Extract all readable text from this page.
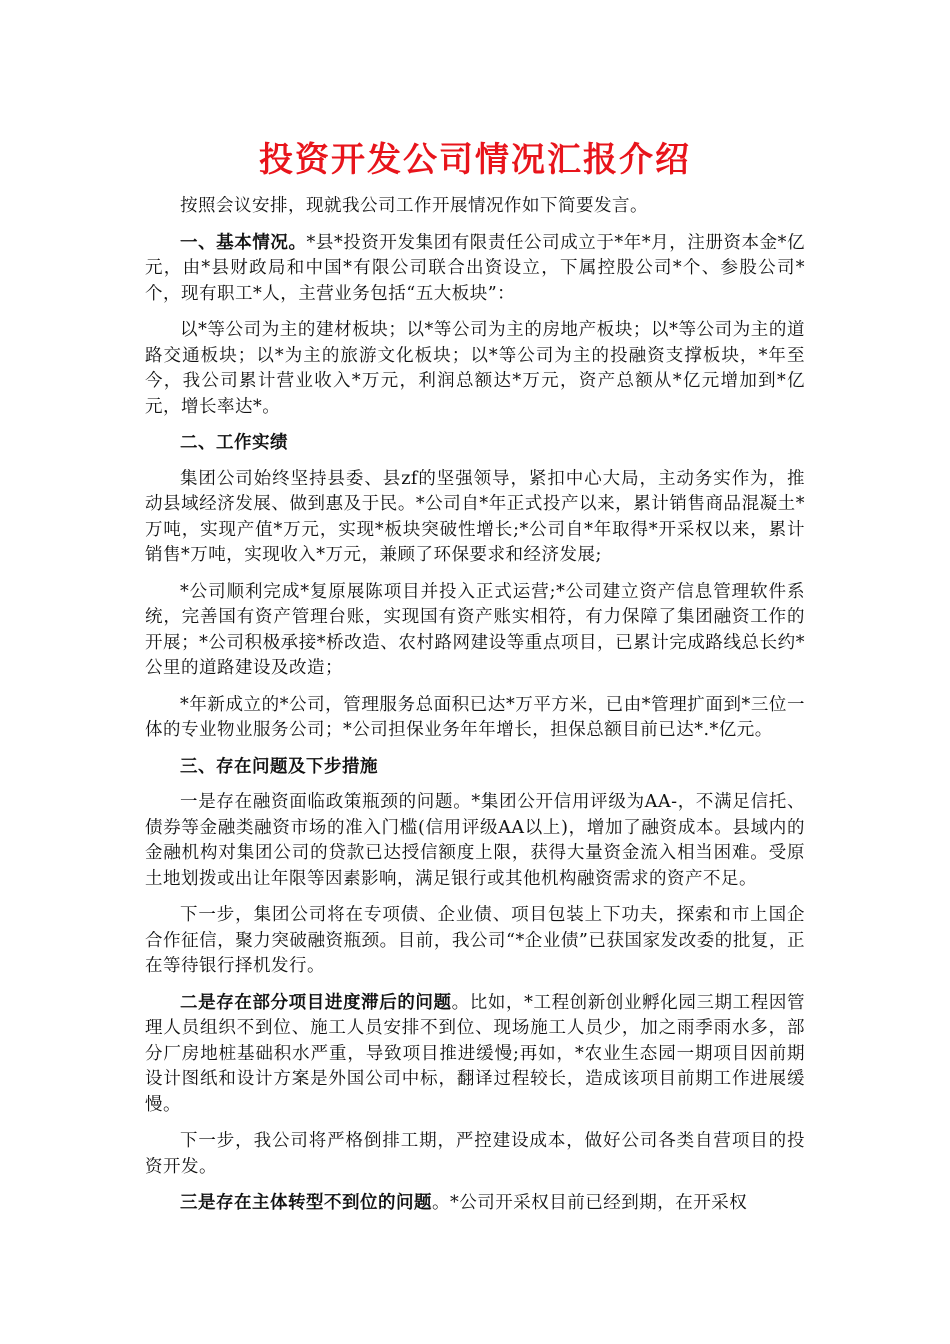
投资开发公司情况汇报介绍

按照会议安排，现就我公司工作开展情况作如下简要发言。

一、基本情况。*县*投资开发集团有限责任公司成立于*年*月，注册资本金*亿元，由*县财政局和中国*有限公司联合出资设立，下属控股公司*个、参股公司*个，现有职工*人，主营业务包括“五大板块”：

以*等公司为主的建材板块；以*等公司为主的房地产板块；以*等公司为主的道路交通板块；以*为主的旅游文化板块；以*等公司为主的投融资支撑板块，*年至今，我公司累计营业收入*万元，利润总额达*万元，资产总额从*亿元增加到*亿元，增长率达*。

二、工作实绩

集团公司始终坚持县委、县zf的坚强领导，紧扣中心大局，主动务实作为，推动县域经济发展、做到惠及于民。*公司自*年正式投产以来，累计销售商品混凝土*万吨，实现产值*万元，实现*板块突破性增长;*公司自*年取得*开采权以来，累计销售*万吨，实现收入*万元，兼顾了环保要求和经济发展;

*公司顺利完成*复原展陈项目并投入正式运营;*公司建立资产信息管理软件系统，完善国有资产管理台账，实现国有资产账实相符，有力保障了集团融资工作的开展；*公司积极承接*桥改造、农村路网建设等重点项目，已累计完成路线总长约*公里的道路建设及改造；

*年新成立的*公司，管理服务总面积已达*万平方米，已由*管理扩面到*三位一体的专业物业服务公司；*公司担保业务年年增长，担保总额目前已达*.*亿元。

三、存在问题及下步措施

一是存在融资面临政策瓶颈的问题。*集团公开信用评级为AA-，不满足信托、债券等金融类融资市场的准入门槛(信用评级AA以上)，增加了融资成本。县域内的金融机构对集团公司的贷款已达授信额度上限，获得大量资金流入相当困难。受原土地划拨或出让年限等因素影响，满足银行或其他机构融资需求的资产不足。

下一步，集团公司将在专项债、企业债、项目包装上下功夫，探索和市上国企合作征信，聚力突破融资瓶颈。目前，我公司“*企业债”已获国家发改委的批复，正在等待银行择机发行。

二是存在部分项目进度滞后的问题。比如，*工程创新创业孵化园三期工程因管理人员组织不到位、施工人员安排不到位、现场施工人员少，加之雨季雨水多，部分厂房地桩基础积水严重，导致项目推进缓慢;再如，*农业生态园一期项目因前期设计图纸和设计方案是外国公司中标，翻译过程较长，造成该项目前期工作进展缓慢。

下一步，我公司将严格倒排工期，严控建设成本，做好公司各类自营项目的投资开发。

三是存在主体转型不到位的问题。*公司开采权目前已经到期，在开采权
